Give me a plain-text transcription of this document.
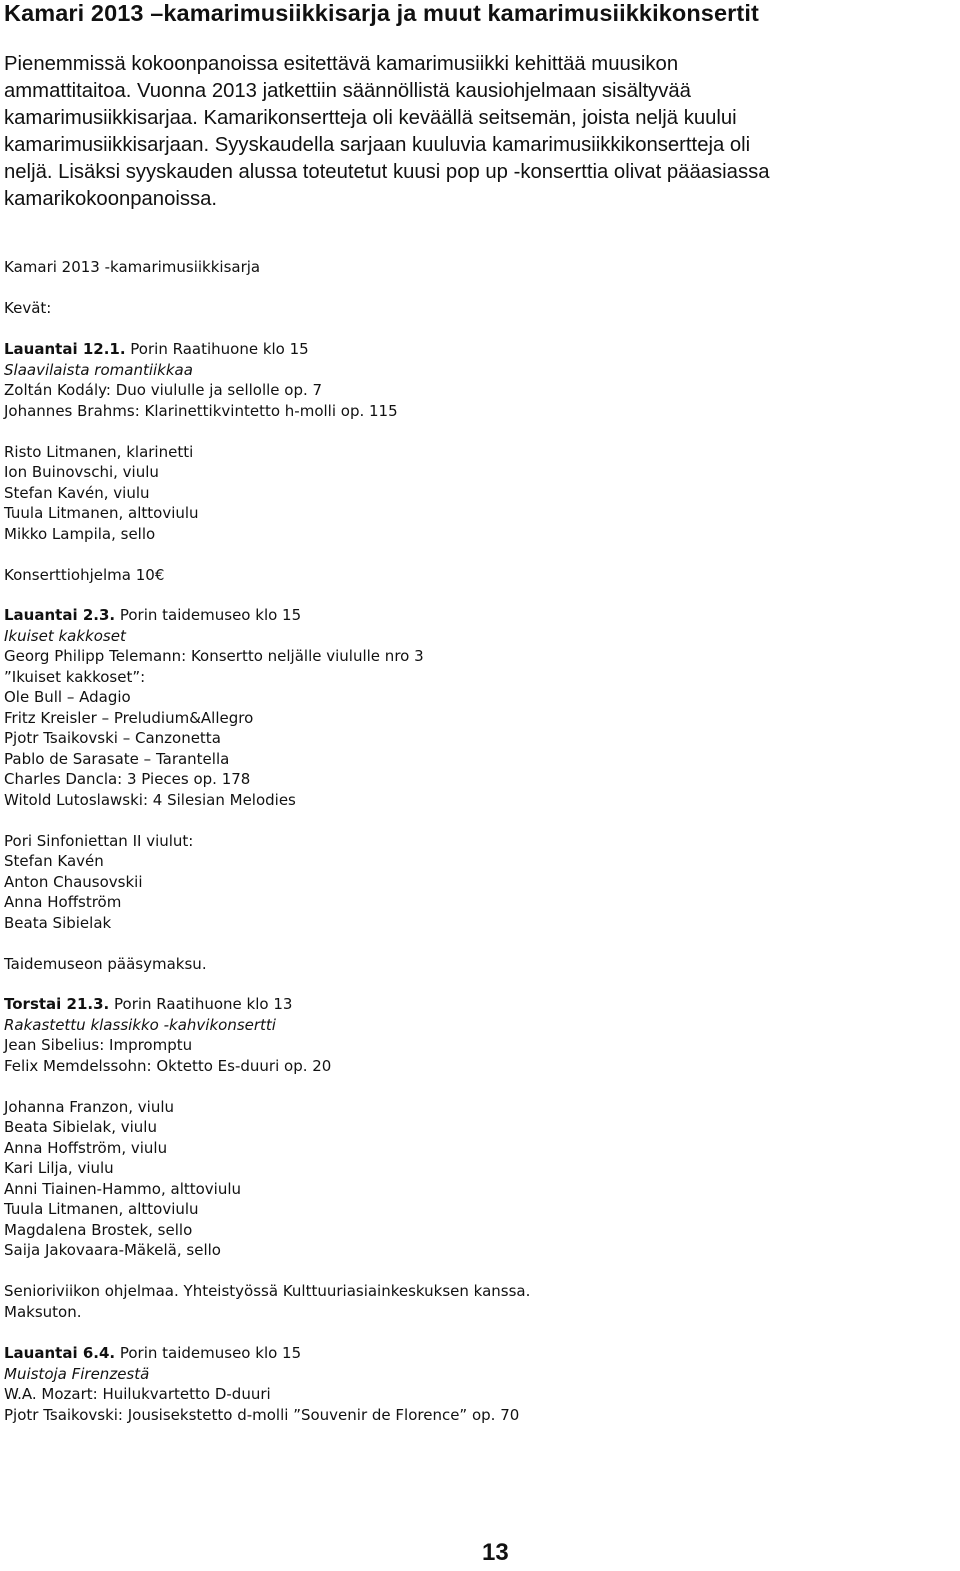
Kamari 2013 –kamarimusiikkisarja ja muut kamarimusiikkikonsertit
Pienemmissä kokoonpanoissa esitettävä kamarimusiikki kehittää muusikon
ammattitaitoa. Vuonna 2013 jatkettiin säännöllistä kausiohjelmaan sisältyvää
kamarimusiikkisarjaa. Kamarikonsertteja oli keväällä seitsemän, joista neljä kuului
kamarimusiikkisarjaan. Syyskaudella sarjaan kuuluvia kamarimusiikkikonsertteja oli
neljä. Lisäksi syyskauden alussa toteutetut kuusi pop up -konserttia olivat pääasiassa
kamarikokoonpanoissa.
Kamari 2013 -kamarimusiikkisarja
Kevät:
Lauantai 12.1. Porin Raatihuone klo 15
Slaavilaista romantiikkaa
Zoltán Kodály: Duo viululle ja sellolle op. 7
Johannes Brahms: Klarinettikvintetto h-molli op. 115
Risto Litmanen, klarinetti
Ion Buinovschi, viulu
Stefan Kavén, viulu
Tuula Litmanen, alttoviulu
Mikko Lampila, sello
Konserttiohjelma 10€
Lauantai 2.3. Porin taidemuseo klo 15
Ikuiset kakkoset
Georg Philipp Telemann: Konsertto neljälle viululle nro 3
”Ikuiset kakkoset”:
Ole Bull – Adagio
Fritz Kreisler – Preludium&Allegro
Pjotr Tsaikovski – Canzonetta
Pablo de Sarasate – Tarantella
Charles Dancla: 3 Pieces op. 178
Witold Lutoslawski: 4 Silesian Melodies
Pori Sinfoniettan II viulut:
Stefan Kavén
Anton Chausovskii
Anna Hoffström
Beata Sibielak
Taidemuseon pääsymaksu.
Torstai 21.3. Porin Raatihuone klo 13
Rakastettu klassikko -kahvikonsertti
Jean Sibelius: Impromptu
Felix Memdelssohn: Oktetto Es-duuri op. 20
Johanna Franzon, viulu
Beata Sibielak, viulu
Anna Hoffström, viulu
Kari Lilja, viulu
Anni Tiainen-Hammo, alttoviulu
Tuula Litmanen, alttoviulu
Magdalena Brostek, sello
Saija Jakovaara-Mäkelä, sello
Senioriviikon ohjelmaa. Yhteistyössä Kulttuuriasiainkeskuksen kanssa.
Maksuton.
Lauantai 6.4. Porin taidemuseo klo 15
Muistoja Firenzestä
W.A. Mozart: Huilukvartetto D-duuri
Pjotr Tsaikovski: Jousisekstetto d-molli ”Souvenir de Florence” op. 70
13
